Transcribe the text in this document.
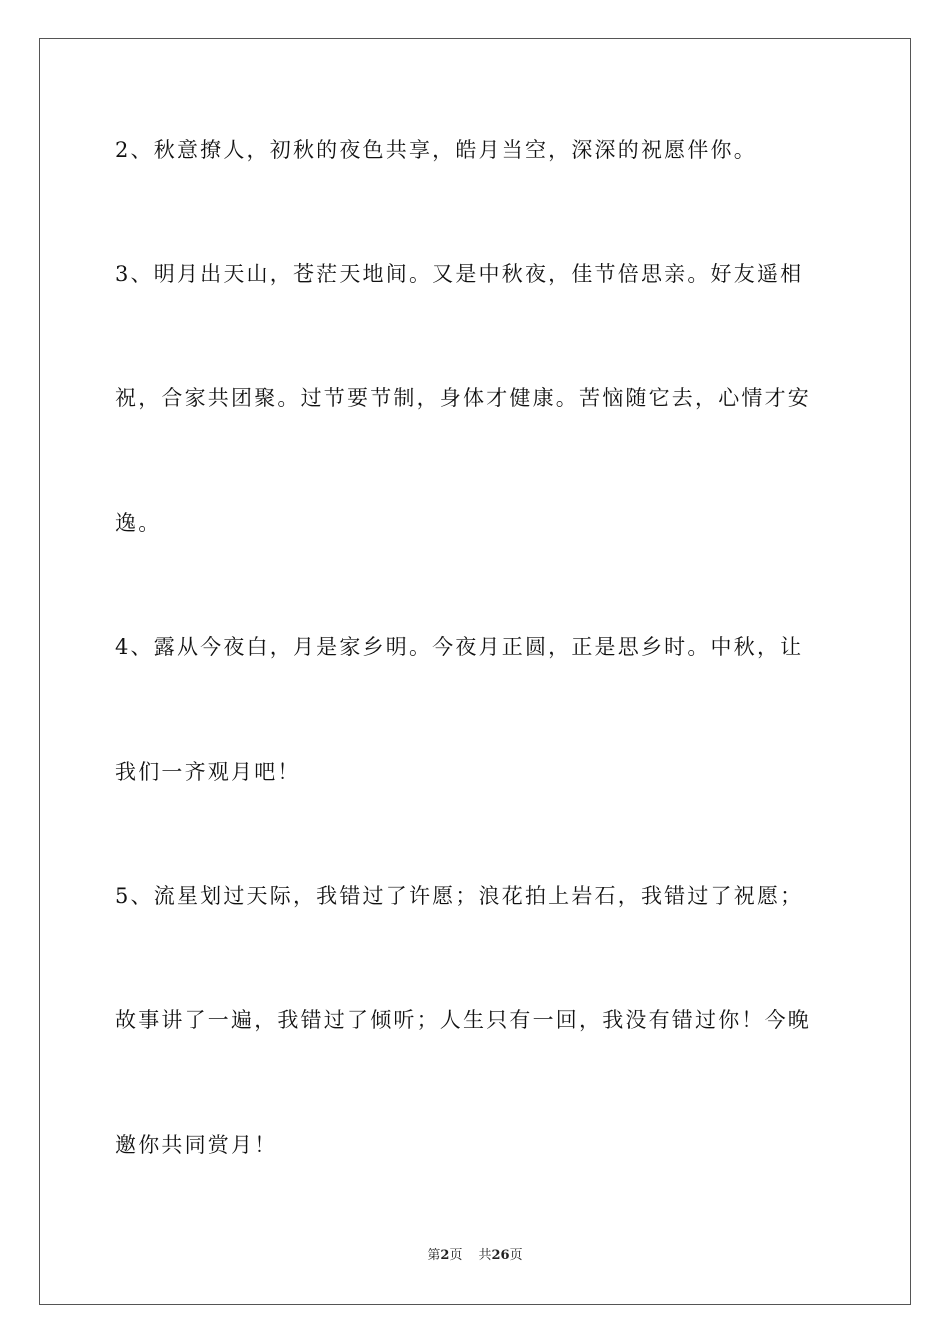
2、秋意撩人，初秋的夜色共享，皓月当空，深深的祝愿伴你。
3、明月出天山，苍茫天地间。又是中秋夜，佳节倍思亲。好友遥相
祝，合家共团聚。过节要节制，身体才健康。苦恼随它去，心情才安
逸。
4、露从今夜白，月是家乡明。今夜月正圆，正是思乡时。中秋，让
我们一齐观月吧！
5、流星划过天际，我错过了许愿；浪花拍上岩石，我错过了祝愿；
故事讲了一遍，我错过了倾听；人生只有一回，我没有错过你！今晚
邀你共同赏月！
第2页 共26页
